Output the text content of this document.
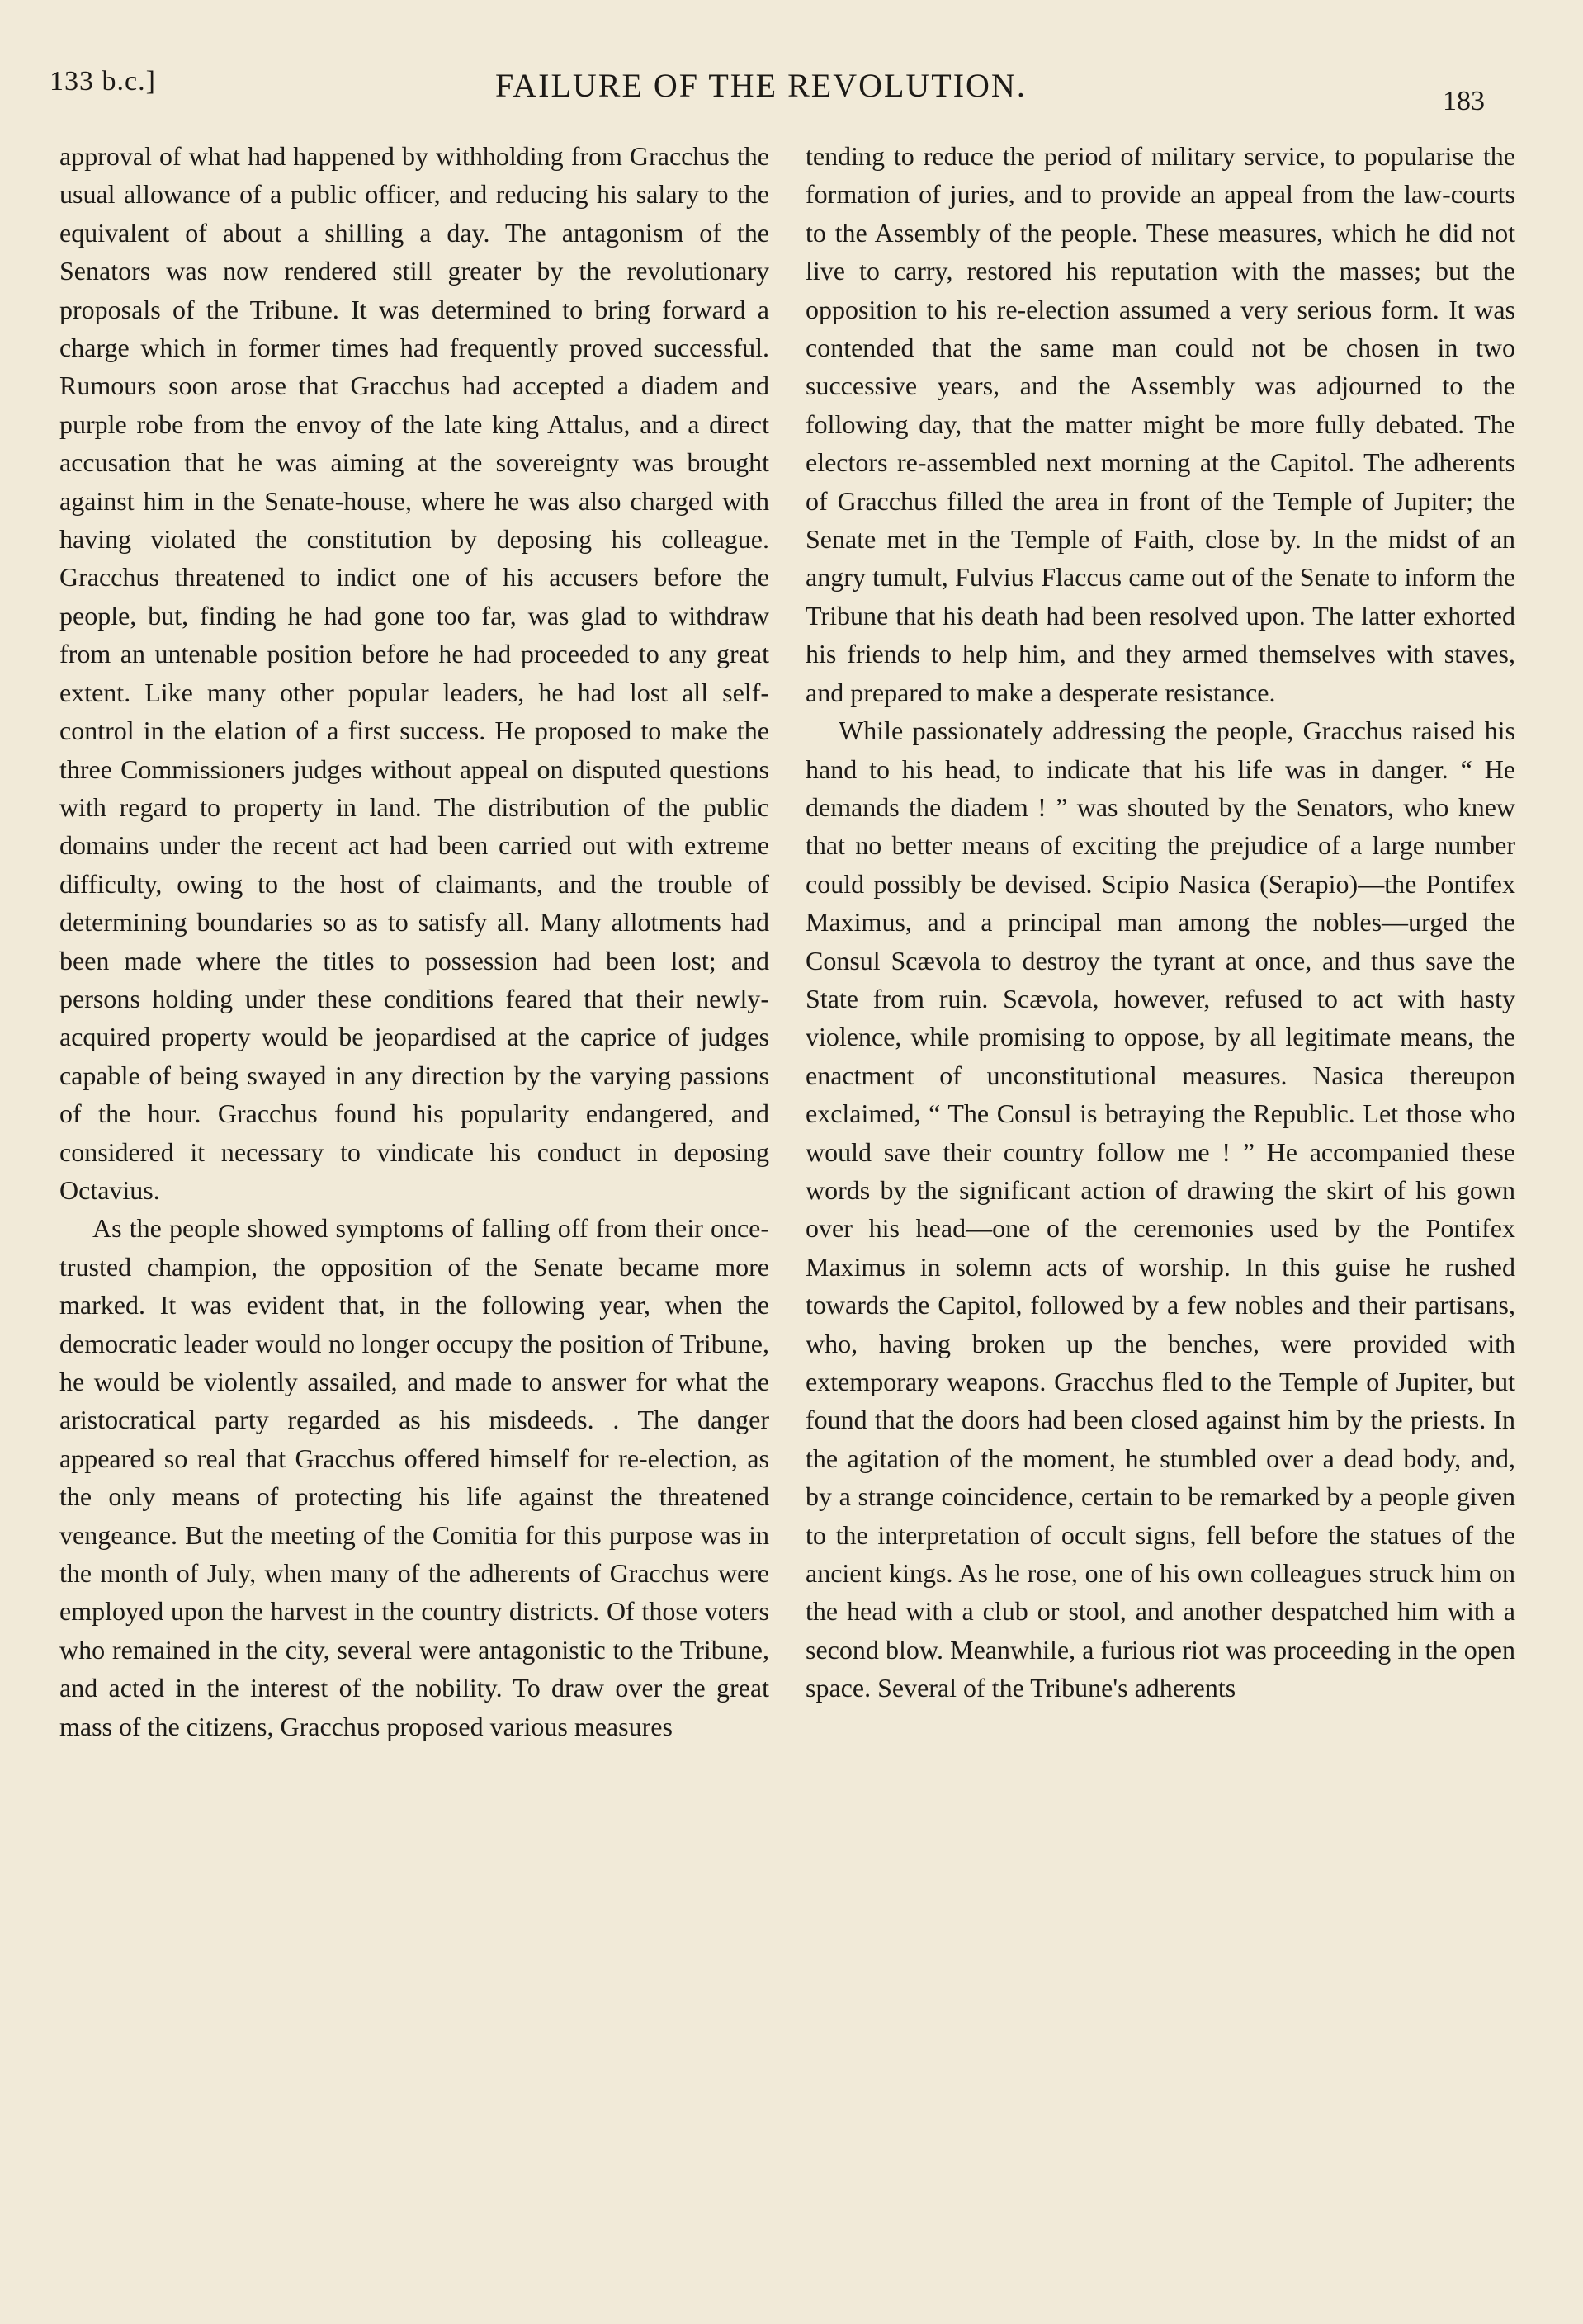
133 b.c.]	FAILURE OF THE REVOLUTION.	183

approval of what had happened by withholding from Gracchus the usual allowance of a public officer, and reducing his salary to the equivalent of about a shilling a day. The antagonism of the Senators was now rendered still greater by the revolutionary proposals of the Tribune. It was determined to bring forward a charge which in former times had frequently proved successful. Rumours soon arose that Gracchus had accepted a diadem and purple robe from the envoy of the late king Attalus, and a direct accusation that he was aiming at the sovereignty was brought against him in the Senate-house, where he was also charged with having violated the constitution by deposing his colleague. Gracchus threatened to indict one of his accusers before the people, but, finding he had gone too far, was glad to withdraw from an untenable position before he had proceeded to any great extent. Like many other popular leaders, he had lost all self-control in the elation of a first success. He proposed to make the three Commissioners judges without appeal on disputed questions with regard to property in land. The distribution of the public domains under the recent act had been carried out with extreme difficulty, owing to the host of claimants, and the trouble of determining boundaries so as to satisfy all. Many allotments had been made where the titles to possession had been lost; and persons holding under these conditions feared that their newly-acquired property would be jeopardised at the caprice of judges capable of being swayed in any direction by the varying passions of the hour. Gracchus found his popularity endangered, and considered it necessary to vindicate his conduct in deposing Octavius.

As the people showed symptoms of falling off from their once-trusted champion, the opposition of the Senate became more marked. It was evident that, in the following year, when the democratic leader would no longer occupy the position of Tribune, he would be violently assailed, and made to answer for what the aristocratical party regarded as his misdeeds. . The danger appeared so real that Gracchus offered himself for re-election, as the only means of protecting his life against the threatened vengeance. But the meeting of the Comitia for this purpose was in the month of July, when many of the adherents of Gracchus were employed upon the harvest in the country districts. Of those voters who remained in the city, several were antagonistic to the Tribune, and acted in the interest of the nobility. To draw over the great mass of the citizens, Gracchus proposed various measures

tending to reduce the period of military service, to popularise the formation of juries, and to provide an appeal from the law-courts to the Assembly of the people. These measures, which he did not live to carry, restored his reputation with the masses; but the opposition to his re-election assumed a very serious form. It was contended that the same man could not be chosen in two successive years, and the Assembly was adjourned to the following day, that the matter might be more fully debated. The electors re-assembled next morning at the Capitol. The adherents of Gracchus filled the area in front of the Temple of Jupiter; the Senate met in the Temple of Faith, close by. In the midst of an angry tumult, Fulvius Flaccus came out of the Senate to inform the Tribune that his death had been resolved upon. The latter exhorted his friends to help him, and they armed themselves with staves, and prepared to make a desperate resistance.

While passionately addressing the people, Gracchus raised his hand to his head, to indicate that his life was in danger. “ He demands the diadem ! ” was shouted by the Senators, who knew that no better means of exciting the prejudice of a large number could possibly be devised. Scipio Nasica (Serapio)—the Pontifex Maximus, and a principal man among the nobles—urged the Consul Scævola to destroy the tyrant at once, and thus save the State from ruin. Scævola, however, refused to act with hasty violence, while promising to oppose, by all legitimate means, the enactment of unconstitutional measures. Nasica thereupon exclaimed, “ The Consul is betraying the Republic. Let those who would save their country follow me ! ” He accompanied these words by the significant action of drawing the skirt of his gown over his head—one of the ceremonies used by the Pontifex Maximus in solemn acts of worship. In this guise he rushed towards the Capitol, followed by a few nobles and their partisans, who, having broken up the benches, were provided with extemporary weapons. Gracchus fled to the Temple of Jupiter, but found that the doors had been closed against him by the priests. In the agitation of the moment, he stumbled over a dead body, and, by a strange coincidence, certain to be remarked by a people given to the interpretation of occult signs, fell before the statues of the ancient kings. As he rose, one of his own colleagues struck him on the head with a club or stool, and another despatched him with a second blow. Meanwhile, a furious riot was proceeding in the open space. Several of the Tribune's adherents
